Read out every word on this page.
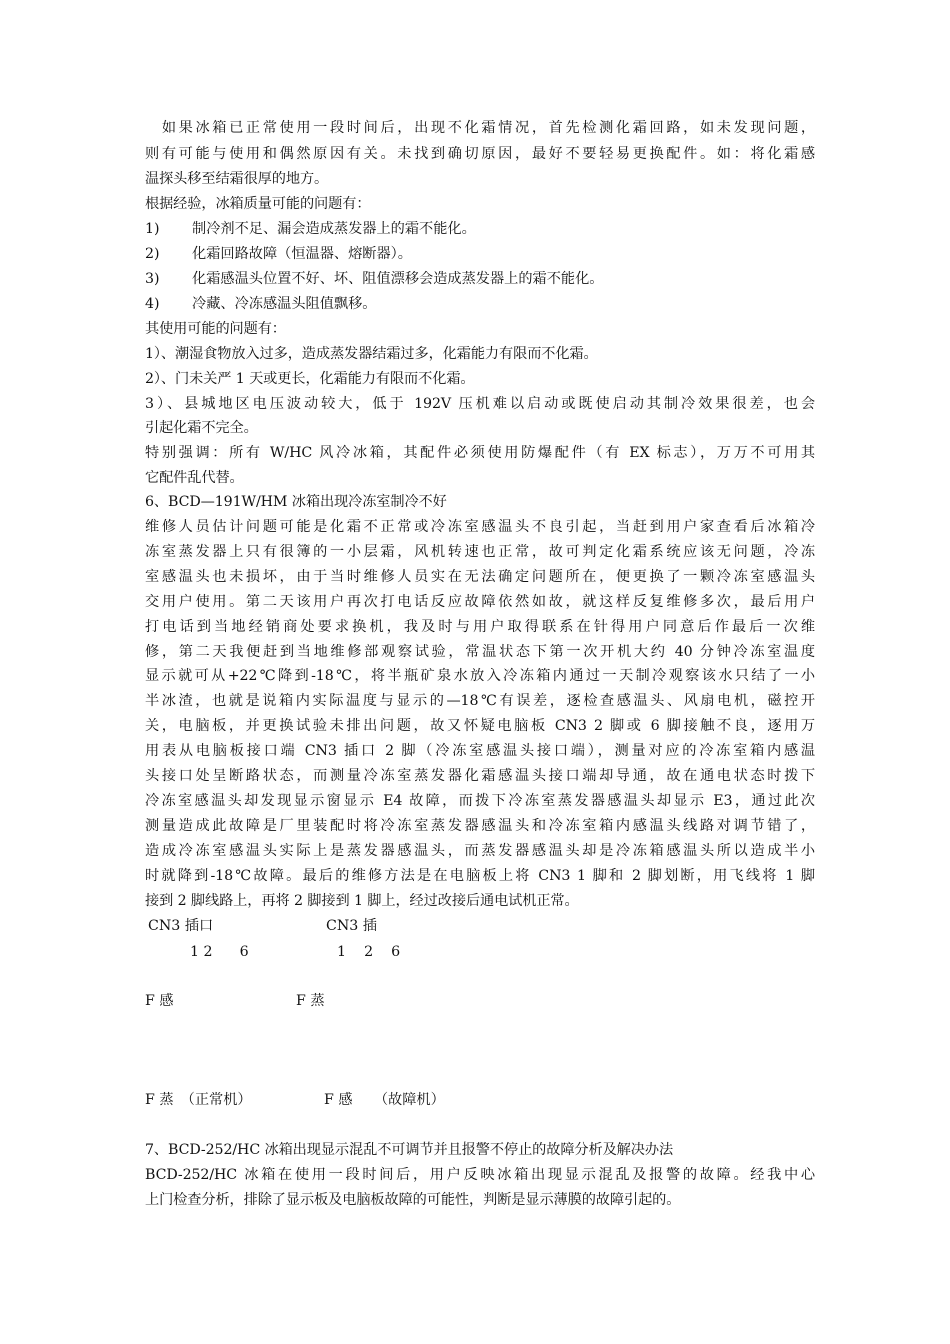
　如果冰箱已正常使用一段时间后，出现不化霜情况，首先检测化霜回路，如未发现问题，
则有可能与使用和偶然原因有关。未找到确切原因，最好不要轻易更换配件。如：将化霜感
温探头移至结霜很厚的地方。
根据经验，冰箱质量可能的问题有：
1) 制冷剂不足、漏会造成蒸发器上的霜不能化。
2) 化霜回路故障（恒温器、熔断器）。
3) 化霜感温头位置不好、坏、阻值漂移会造成蒸发器上的霜不能化。
4) 冷藏、冷冻感温头阻值飘移。
其使用可能的问题有：
1）、潮湿食物放入过多，造成蒸发器结霜过多，化霜能力有限而不化霜。
2）、门未关严 1 天或更长，化霜能力有限而不化霜。
3）、县城地区电压波动较大，低于 192V 压机难以启动或既使启动其制冷效果很差，也会
引起化霜不完全。
特别强调：所有 W/HC 风冷冰箱，其配件必须使用防爆配件（有 EX 标志），万万不可用其
它配件乱代替。
6、BCD—191W/HM 冰箱出现冷冻室制冷不好
维修人员估计问题可能是化霜不正常或冷冻室感温头不良引起，当赶到用户家查看后冰箱冷
冻室蒸发器上只有很簿的一小层霜，风机转速也正常，故可判定化霜系统应该无问题，冷冻
室感温头也未损坏，由于当时维修人员实在无法确定问题所在，便更换了一颗冷冻室感温头
交用户使用。第二天该用户再次打电话反应故障依然如故，就这样反复维修多次，最后用户
打电话到当地经销商处要求换机，我及时与用户取得联系在针得用户同意后作最后一次维
修，第二天我便赶到当地维修部观察试验，常温状态下第一次开机大约 40 分钟冷冻室温度
显示就可从+22℃降到-18℃，将半瓶矿泉水放入冷冻箱内通过一天制冷观察该水只结了一小
半冰渣，也就是说箱内实际温度与显示的—18℃有误差，逐检查感温头、风扇电机，磁控开
关，电脑板，并更换试验未排出问题，故又怀疑电脑板 CN3 2 脚或 6 脚接触不良，逐用万
用表从电脑板接口端 CN3 插口 2 脚（冷冻室感温头接口端），测量对应的冷冻室箱内感温
头接口处呈断路状态，而测量冷冻室蒸发器化霜感温头接口端却导通，故在通电状态时拨下
冷冻室感温头却发现显示窗显示 E4 故障，而拨下冷冻室蒸发器感温头却显示 E3，通过此次
测量造成此故障是厂里装配时将冷冻室蒸发器感温头和冷冻室箱内感温头线路对调节错了，
造成冷冻室感温头实际上是蒸发器感温头，而蒸发器感温头却是冷冻箱感温头所以造成半小
时就降到-18℃故障。最后的维修方法是在电脑板上将 CN3 1 脚和 2 脚划断，用飞线将 1 脚
接到 2 脚线路上，再将 2 脚接到 1 脚上，经过改接后通电试机正常。
CN3 插口	CN3 插
1 2      6	1    2    6
F 感	F 蒸
F 蒸　（正常机）	F 感　　（故障机）
7、BCD-252/HC 冰箱出现显示混乱不可调节并且报警不停止的故障分析及解决办法
BCD-252/HC 冰箱在使用一段时间后，用户反映冰箱出现显示混乱及报警的故障。经我中心
上门检查分析，排除了显示板及电脑板故障的可能性，判断是显示薄膜的故障引起的。
